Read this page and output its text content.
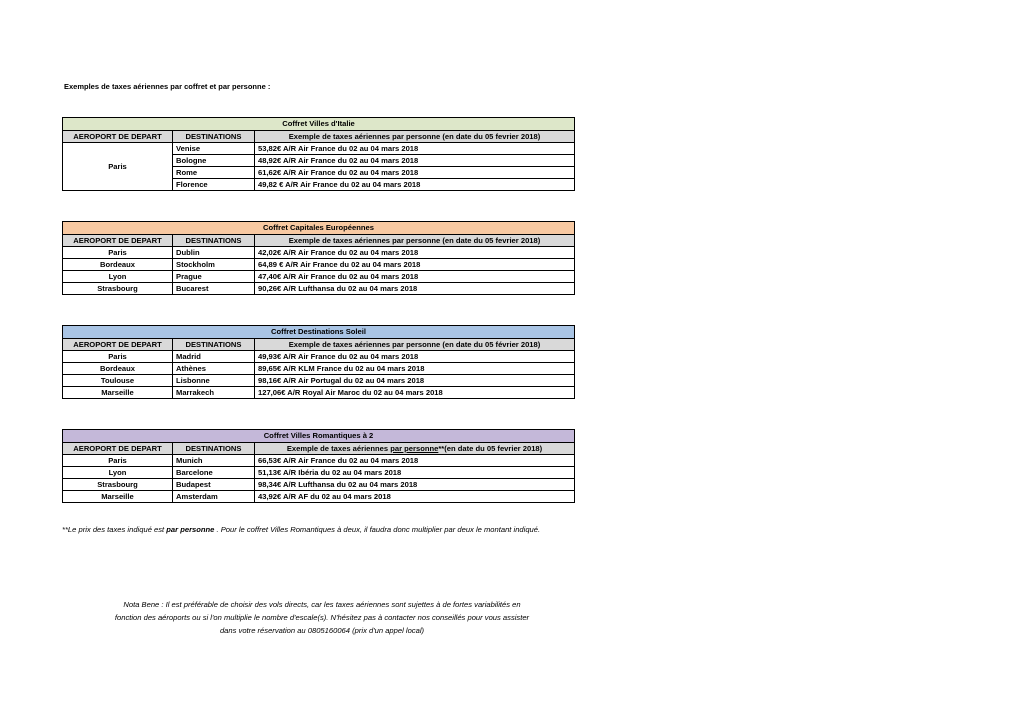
Exemples de taxes aériennes par coffret et par personne :
Coffret Villes d'Italie		
AEROPORT DE DEPART	DESTINATIONS	Exemple de taxes aériennes par personne (en date du 05 fevrier 2018)
Paris	Venise	53,82€ A/R Air France du 02 au 04 mars 2018
	Bologne	48,92€ A/R Air France du 02 au 04 mars 2018
	Rome	61,62€ A/R Air France du 02 au 04 mars 2018
	Florence	49,82 € A/R Air France du 02 au 04 mars 2018
Coffret Capitales Européennes		
AEROPORT DE DEPART	DESTINATIONS	Exemple de taxes aériennes par personne (en date du 05 fevrier 2018)
Paris	Dublin	42,02€ A/R Air France du 02 au 04 mars 2018
Bordeaux	Stockholm	64,89 € A/R Air France du 02 au 04 mars 2018
Lyon	Prague	47,40€ A/R Air France du 02 au 04 mars 2018
Strasbourg	Bucarest	90,26€ A/R Lufthansa du 02 au 04 mars 2018
Coffret Destinations Soleil		
AEROPORT DE DEPART	DESTINATIONS	Exemple de taxes aériennes par personne (en date du 05 février 2018)
Paris	Madrid	49,93€ A/R Air France du 02 au 04 mars 2018
Bordeaux	Athènes	89,65€ A/R KLM France du 02 au 04 mars 2018
Toulouse	Lisbonne	98,16€ A/R Air Portugal du 02 au 04 mars 2018
Marseille	Marrakech	127,06€ A/R Royal Air Maroc du 02 au 04 mars 2018
Coffret Villes Romantiques à 2		
AEROPORT DE DEPART	DESTINATIONS	Exemple de taxes aériennes par personne**(en date du 05 fevrier 2018)
Paris	Munich	66,53€ A/R Air France du 02 au 04 mars 2018
Lyon	Barcelone	51,13€ A/R Ibéria du 02 au 04 mars 2018
Strasbourg	Budapest	98,34€ A/R Lufthansa du 02 au 04 mars 2018
Marseille	Amsterdam	43,92€ A/R AF du 02 au 04 mars 2018
**Le prix des taxes indiqué est par personne . Pour le coffret Villes Romantiques à deux, il faudra donc multiplier par deux le montant indiqué.
Nota Bene : Il est préférable de choisir des vols directs, car les taxes aériennes sont sujettes à de fortes variabilités en
fonction des aéroports ou si l'on multiplie le nombre d'escale(s). N'hésitez pas à contacter nos conseillés pour vous assister
dans votre réservation au 0805160064 (prix d'un appel local)
